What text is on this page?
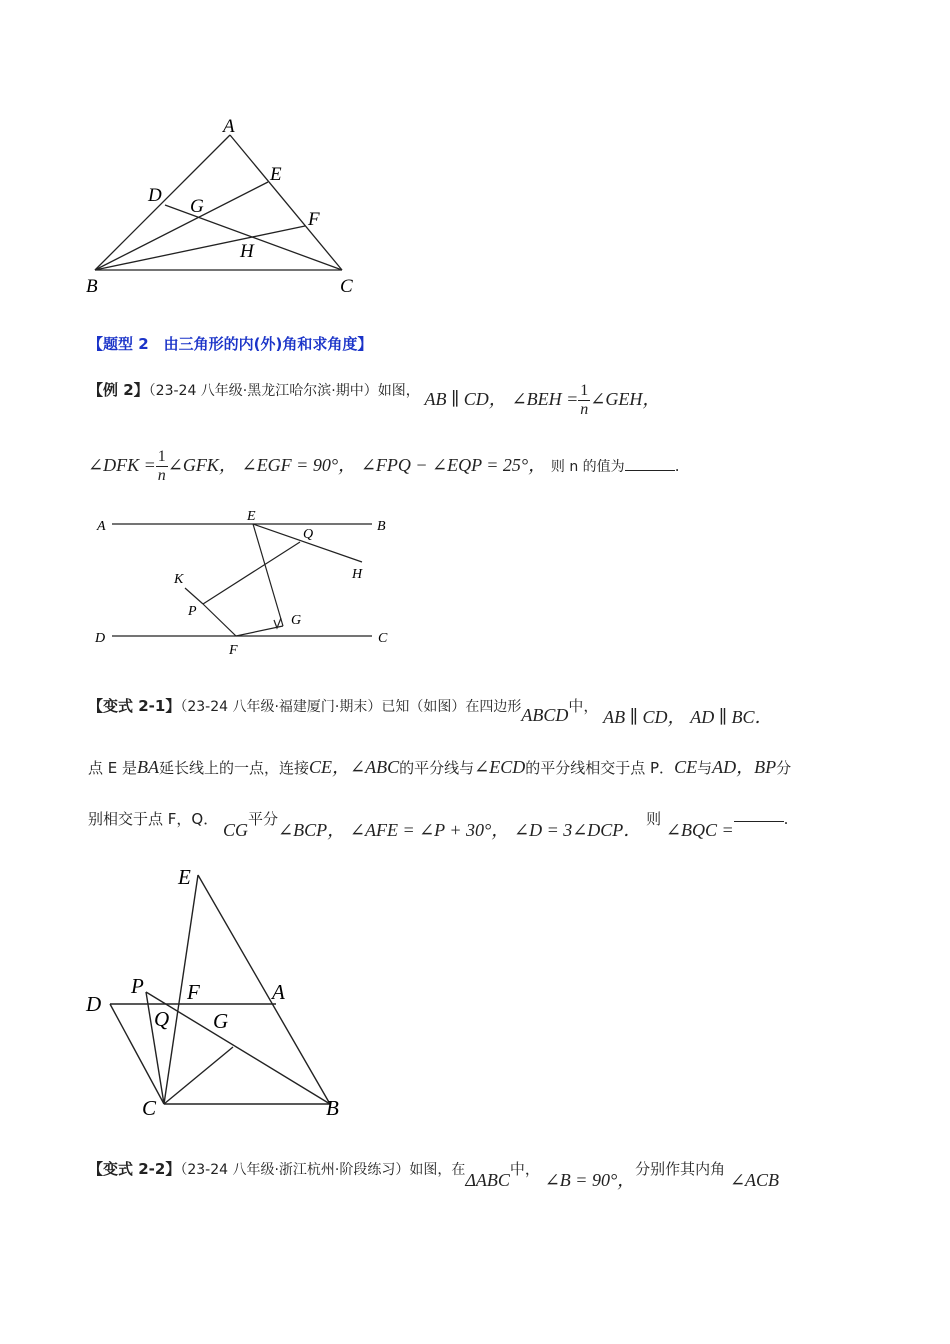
A
E
D
G
F
H
B	C
【题型 2　由三角形的内(外)角和求角度】
【例 2】（23-24 八年级·黑龙江哈尔滨·期中）如图， AB ∥ CD， ∠BEH = $\frac{1}{n}$ ∠GEH，
∠DFK = $\frac{1}{n}$ ∠GFK， ∠EGF = 90°， ∠FPQ − ∠EQP = 25°， 则 n 的值为	.
A
E
B
Q
H
K
P
G
D
F
C
【变式 2-1】（23-24 八年级·福建厦门·期末）已知（如图）在四边形ABCD中， AB ∥ CD， AD ∥ BC．
点 E 是BA延长线上的一点，连接CE，∠ABC的平分线与∠ECD的平分线相交于点 P．CE与AD，BP分
别相交于点 F，Q． CG平分∠BCP， ∠AFE = ∠P + 30°， ∠D = 3∠DCP． 则 ∠BQC =.
E
P F	A
D
Q G
C	B
【变式 2-2】（23-24 八年级·浙江杭州·阶段练习）如图，在ΔABC中， ∠B = 90°，分别作其内角 ∠ACB
